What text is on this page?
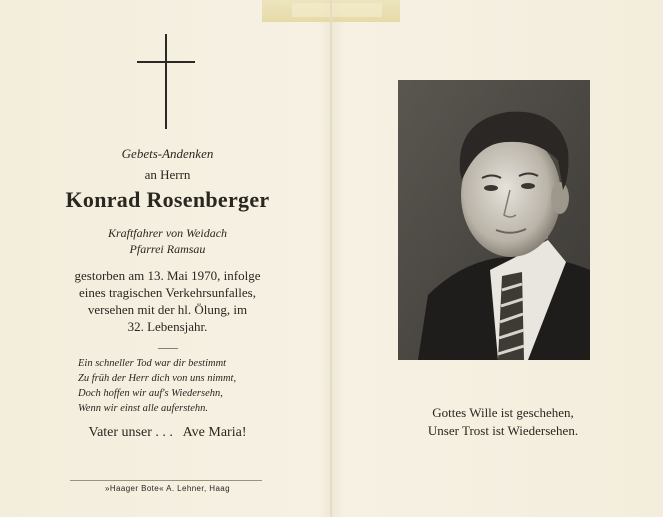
Gebets-Andenken
an Herrn
Konrad Rosenberger
Kraftfahrer von Weidach
Pfarrei Ramsau
gestorben am 13. Mai 1970, infolge
eines tragischen Verkehrsunfalles,
versehen mit der hl. Ölung, im
32. Lebensjahr.
Ein schneller Tod war dir bestimmt
Zu früh der Herr dich von uns nimmt,
Doch hoffen wir auf's Wiedersehn,
Wenn wir einst alle auferstehn.
Vater unser . . .   Ave Maria!
»Haager Bote« A. Lehner, Haag
Gottes Wille ist geschehen,
Unser Trost ist Wiedersehen.
